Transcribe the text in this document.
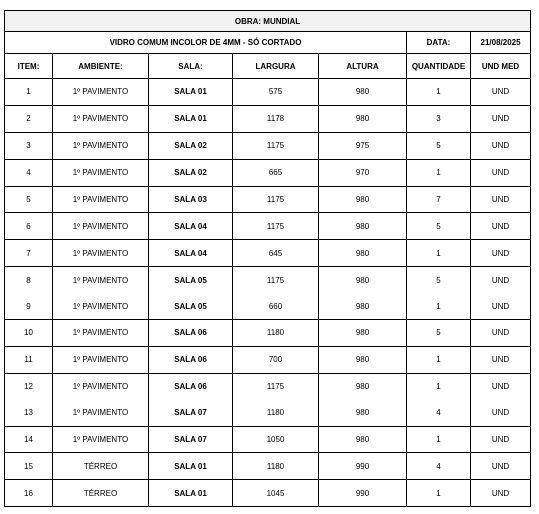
OBRA: MUNDIAL						
VIDRO COMUM INCOLOR DE 4MM - SÓ CORTADO					DATA:	21/08/2025
ITEM:	AMBIENTE:	SALA:	LARGURA	ALTURA	QUANTIDADE	UND MED
1	1º PAVIMENTO	SALA 01	575	980	1	UND
2	1º PAVIMENTO	SALA 01	1178	980	3	UND
3	1º PAVIMENTO	SALA 02	1175	975	5	UND
4	1º PAVIMENTO	SALA 02	665	970	1	UND
5	1º PAVIMENTO	SALA 03	1175	980	7	UND
6	1º PAVIMENTO	SALA 04	1175	980	5	UND
7	1º PAVIMENTO	SALA 04	645	980	1	UND
8	1º PAVIMENTO	SALA 05	1175	980	5	UND
9	1º PAVIMENTO	SALA 05	660	980	1	UND
10	1º PAVIMENTO	SALA 06	1180	980	5	UND
11	1º PAVIMENTO	SALA 06	700	980	1	UND
12	1º PAVIMENTO	SALA 06	1175	980	1	UND
13	1º PAVIMENTO	SALA 07	1180	980	4	UND
14	1º PAVIMENTO	SALA 07	1050	980	1	UND
15	TÉRREO	SALA 01	1180	990	4	UND
16	TÉRREO	SALA 01	1045	990	1	UND
